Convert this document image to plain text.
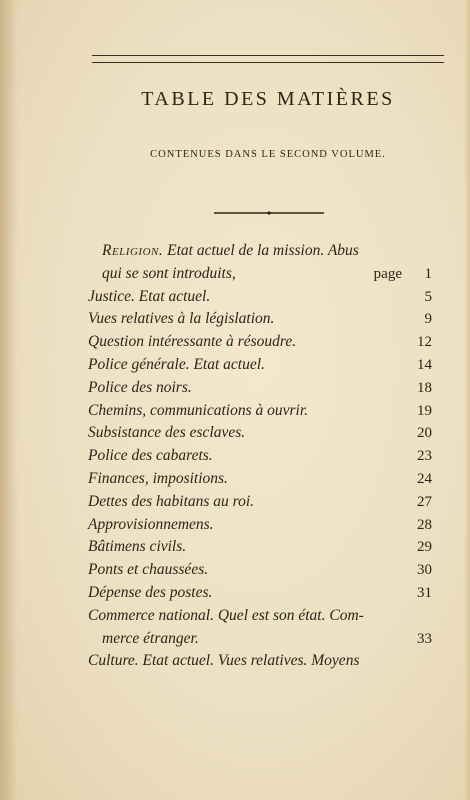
TABLE DES MATIÈRES
CONTENUES DANS LE SECOND VOLUME.
Religion. Etat actuel de la mission. Abus
qui se sont introduits,	page 1
Justice. Etat actuel.	5
Vues relatives à la législation.	9
Question intéressante à résoudre.	12
Police générale. Etat actuel.	14
Police des noirs.	18
Chemins, communications à ouvrir.	19
Subsistance des esclaves.	20
Police des cabarets.	23
Finances, impositions.	24
Dettes des habitans au roi.	27
Approvisionnemens.	28
Bâtimens civils.	29
Ponts et chaussées.	30
Dépense des postes.	31
Commerce national. Quel est son état. Com-
merce étranger.	33
Culture. Etat actuel. Vues relatives. Moyens
